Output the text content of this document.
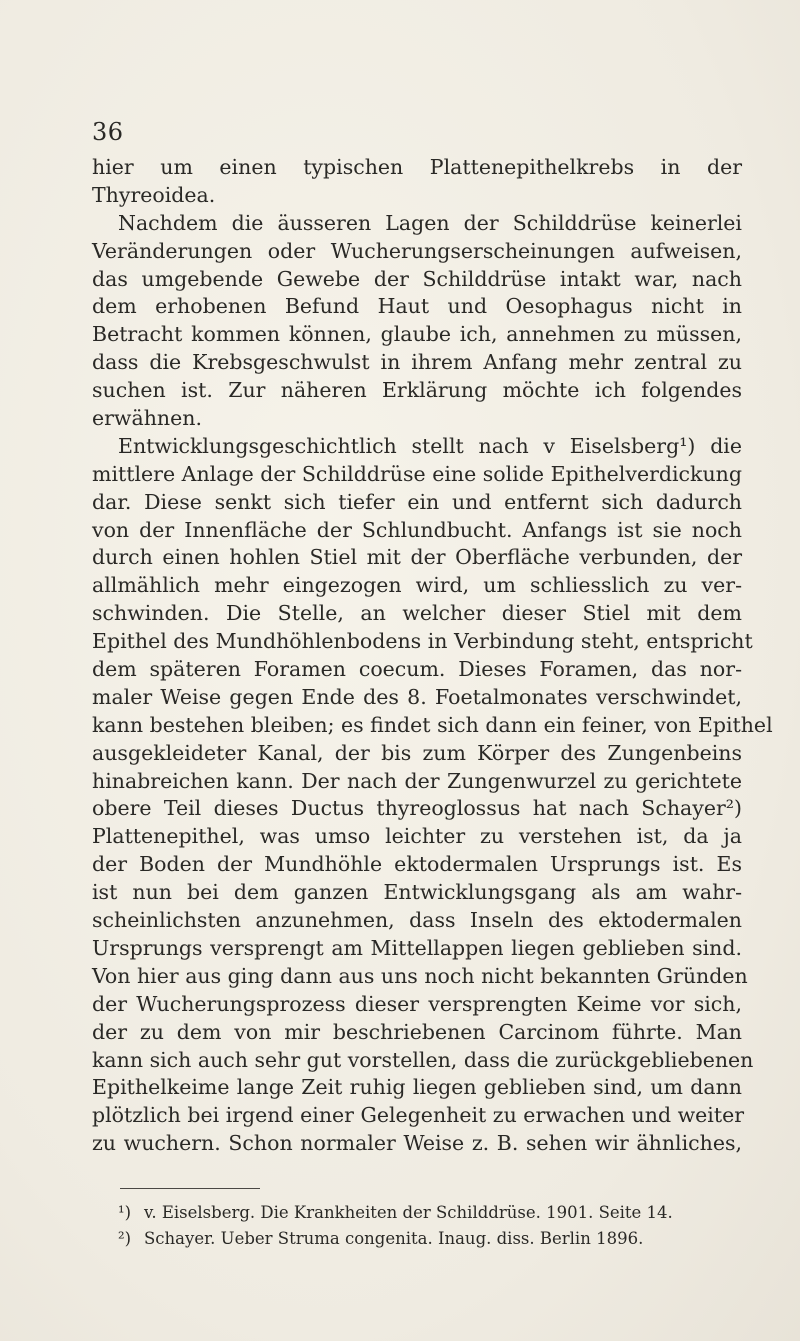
36
hier um einen typischen Plattenepithelkrebs in der
Thyreoidea.
Nachdem die äusseren Lagen der Schilddrüse keinerlei
Veränderungen oder Wucherungserscheinungen aufweisen,
das umgebende Gewebe der Schilddrüse intakt war, nach
dem erhobenen Befund Haut und Oesophagus nicht in
Betracht kommen können, glaube ich, annehmen zu müssen,
dass die Krebsgeschwulst in ihrem Anfang mehr zentral zu
suchen ist. Zur näheren Erklärung möchte ich folgendes
erwähnen.
Entwicklungsgeschichtlich stellt nach v Eiselsberg¹) die
mittlere Anlage der Schilddrüse eine solide Epithelverdickung
dar. Diese senkt sich tiefer ein und entfernt sich dadurch
von der Innenfläche der Schlundbucht. Anfangs ist sie noch
durch einen hohlen Stiel mit der Oberfläche verbunden, der
allmählich mehr eingezogen wird, um schliesslich zu ver-
schwinden. Die Stelle, an welcher dieser Stiel mit dem
Epithel des Mundhöhlenbodens in Verbindung steht, entspricht
dem späteren Foramen coecum. Dieses Foramen, das nor-
maler Weise gegen Ende des 8. Foetalmonates verschwindet,
kann bestehen bleiben; es findet sich dann ein feiner, von Epithel
ausgekleideter Kanal, der bis zum Körper des Zungenbeins
hinabreichen kann. Der nach der Zungenwurzel zu gerichtete
obere Teil dieses Ductus thyreoglossus hat nach Schayer²)
Plattenepithel, was umso leichter zu verstehen ist, da ja
der Boden der Mundhöhle ektodermalen Ursprungs ist. Es
ist nun bei dem ganzen Entwicklungsgang als am wahr-
scheinlichsten anzunehmen, dass Inseln des ektodermalen
Ursprungs versprengt am Mittellappen liegen geblieben sind.
Von hier aus ging dann aus uns noch nicht bekannten Gründen
der Wucherungsprozess dieser versprengten Keime vor sich,
der zu dem von mir beschriebenen Carcinom führte. Man
kann sich auch sehr gut vorstellen, dass die zurückgebliebenen
Epithelkeime lange Zeit ruhig liegen geblieben sind, um dann
plötzlich bei irgend einer Gelegenheit zu erwachen und weiter
zu wuchern. Schon normaler Weise z. B. sehen wir ähnliches,
¹) v. Eiselsberg. Die Krankheiten der Schilddrüse. 1901. Seite 14.
²) Schayer. Ueber Struma congenita. Inaug. diss. Berlin 1896.
